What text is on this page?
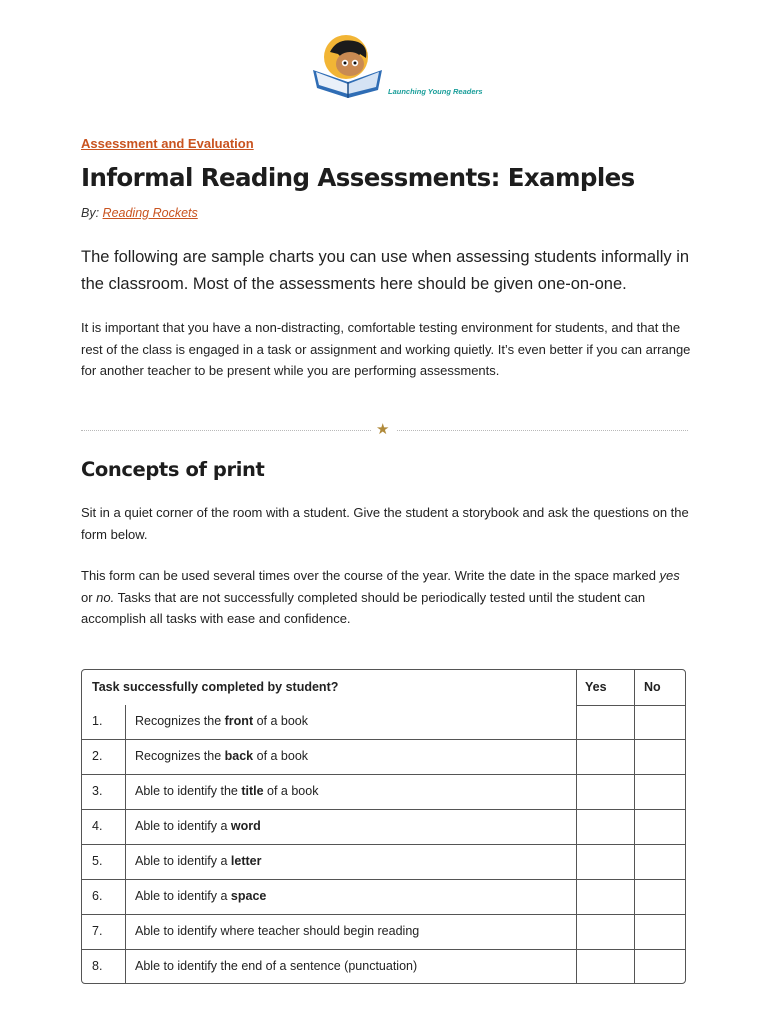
Launching Young Readers
Assessment and Evaluation
Informal Reading Assessments: Examples
By: Reading Rockets

The following are sample charts you can use when assessing students informally in the classroom. Most of the assessments here should be given one-on-one.

It is important that you have a non-distracting, comfortable testing environment for students, and that the rest of the class is engaged in a task or assignment and working quietly. It’s even better if you can arrange for another teacher to be present while you are performing assessments.

★
Concepts of print

Sit in a quiet corner of the room with a student. Give the student a storybook and ask the questions on the form below.

This form can be used several times over the course of the year. Write the date in the space marked yes or no. Tasks that are not successfully completed should be periodically tested until the student can accomplish all tasks with ease and confidence.

Task successfully completed by student?	Yes	No
1.	Recognizes the front of a book
2.	Recognizes the back of a book
3.	Able to identify the title of a book
4.	Able to identify a word
5.	Able to identify a letter
6.	Able to identify a space
7.	Able to identify where teacher should begin reading
8.	Able to identify the end of a sentence (punctuation)
